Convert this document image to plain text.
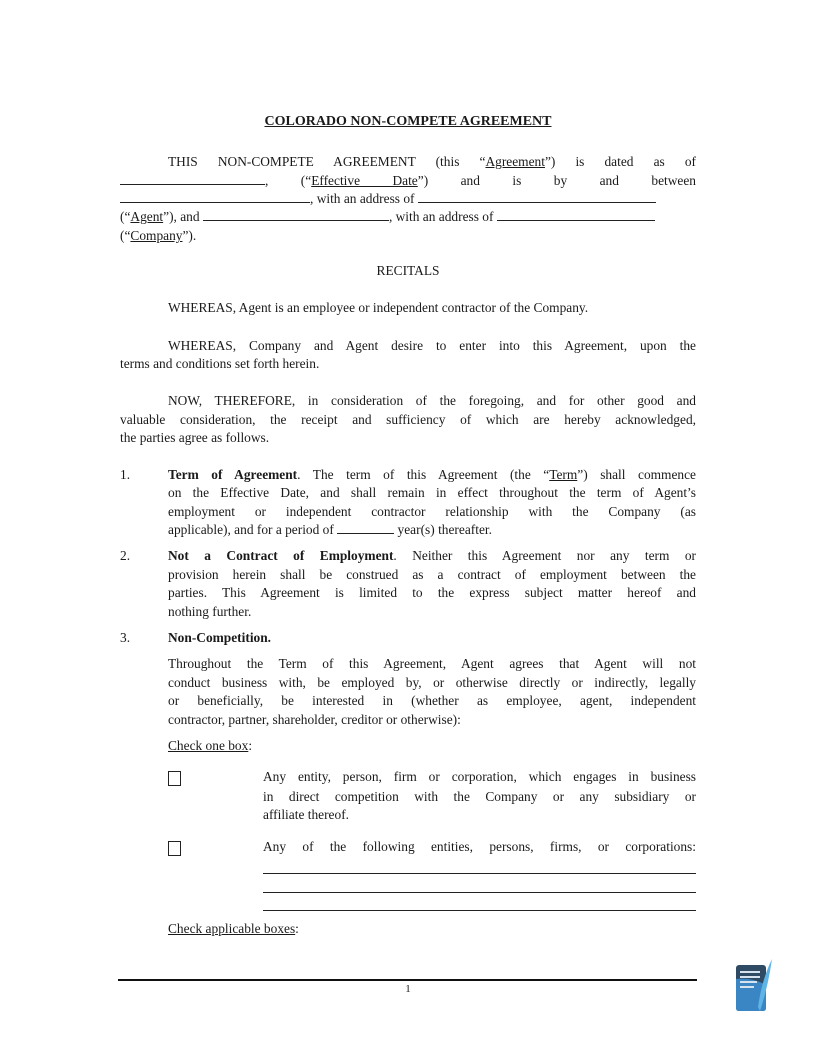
COLORADO NON-COMPETE AGREEMENT

THIS NON-COMPETE AGREEMENT (this “Agreement”) is dated as of

, (“Effective Date”) and is by and between

, with an address of

(“Agent”), and	, with an address of

(“Company”).

RECITALS

WHEREAS, Agent is an employee or independent contractor of the Company.

WHEREAS, Company and Agent desire to enter into this Agreement, upon the

terms and conditions set forth herein.

NOW, THEREFORE, in consideration of the foregoing, and for other good and

valuable consideration, the receipt and sufficiency of which are hereby acknowledged,

the parties agree as follows.

1.	Term of Agreement. The term of this Agreement (the “Term”) shall commence

on the Effective Date, and shall remain in effect throughout the term of Agent’s

employment or independent contractor relationship with the Company (as

applicable), and for a period of	year(s) thereafter.

2.	Not a Contract of Employment. Neither this Agreement nor any term or

provision herein shall be construed as a contract of employment between the

parties. This Agreement is limited to the express subject matter hereof and

nothing further.

3.	Non-Competition.

Throughout the Term of this Agreement, Agent agrees that Agent will not

conduct business with, be employed by, or otherwise directly or indirectly, legally

or beneficially, be interested in (whether as employee, agent, independent

contractor, partner, shareholder, creditor or otherwise):

Check one box:

Any entity, person, firm or corporation, which engages in business

in direct competition with the Company or any subsidiary or

affiliate thereof.

Any of the following entities, persons, firms, or corporations:

Check applicable boxes:

1
